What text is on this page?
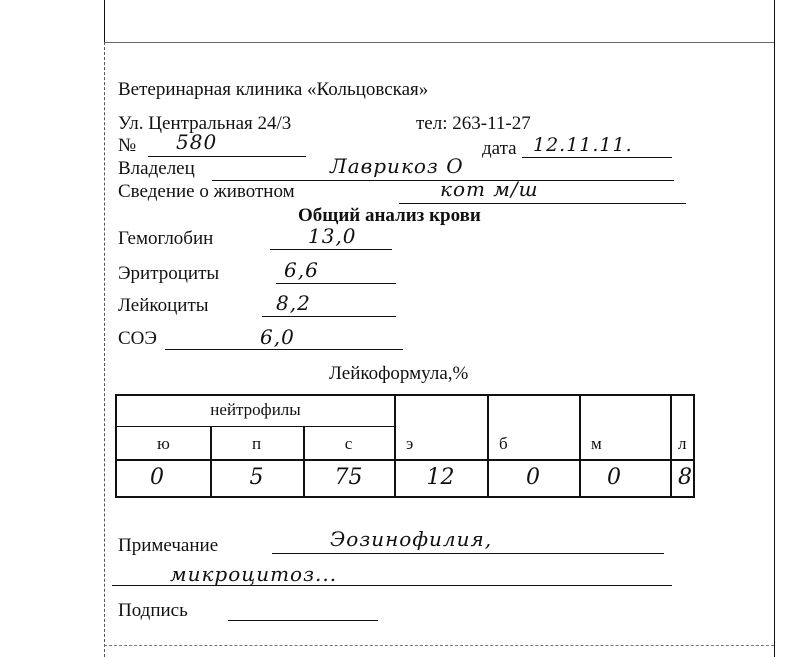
Ветеринарная клиника «Кольцовская»
Ул. Центральная 24/3	тел: 263-11-27
№ 580	дата 12.11.11.
Владелец	Лаврикоз О
Сведение о животном	кот м/ш
Общий анализ крови
Гемоглобин	13,0
Эритроциты	6,6
Лейкоциты	8,2
СОЭ	6,0
Лейкоформула,%
нейтрофилы
ю	п	с	э	б	м	л
0	5	75	12	0	0	8
Примечание	Эозинофилия,
микроцитоз...
Подпись
